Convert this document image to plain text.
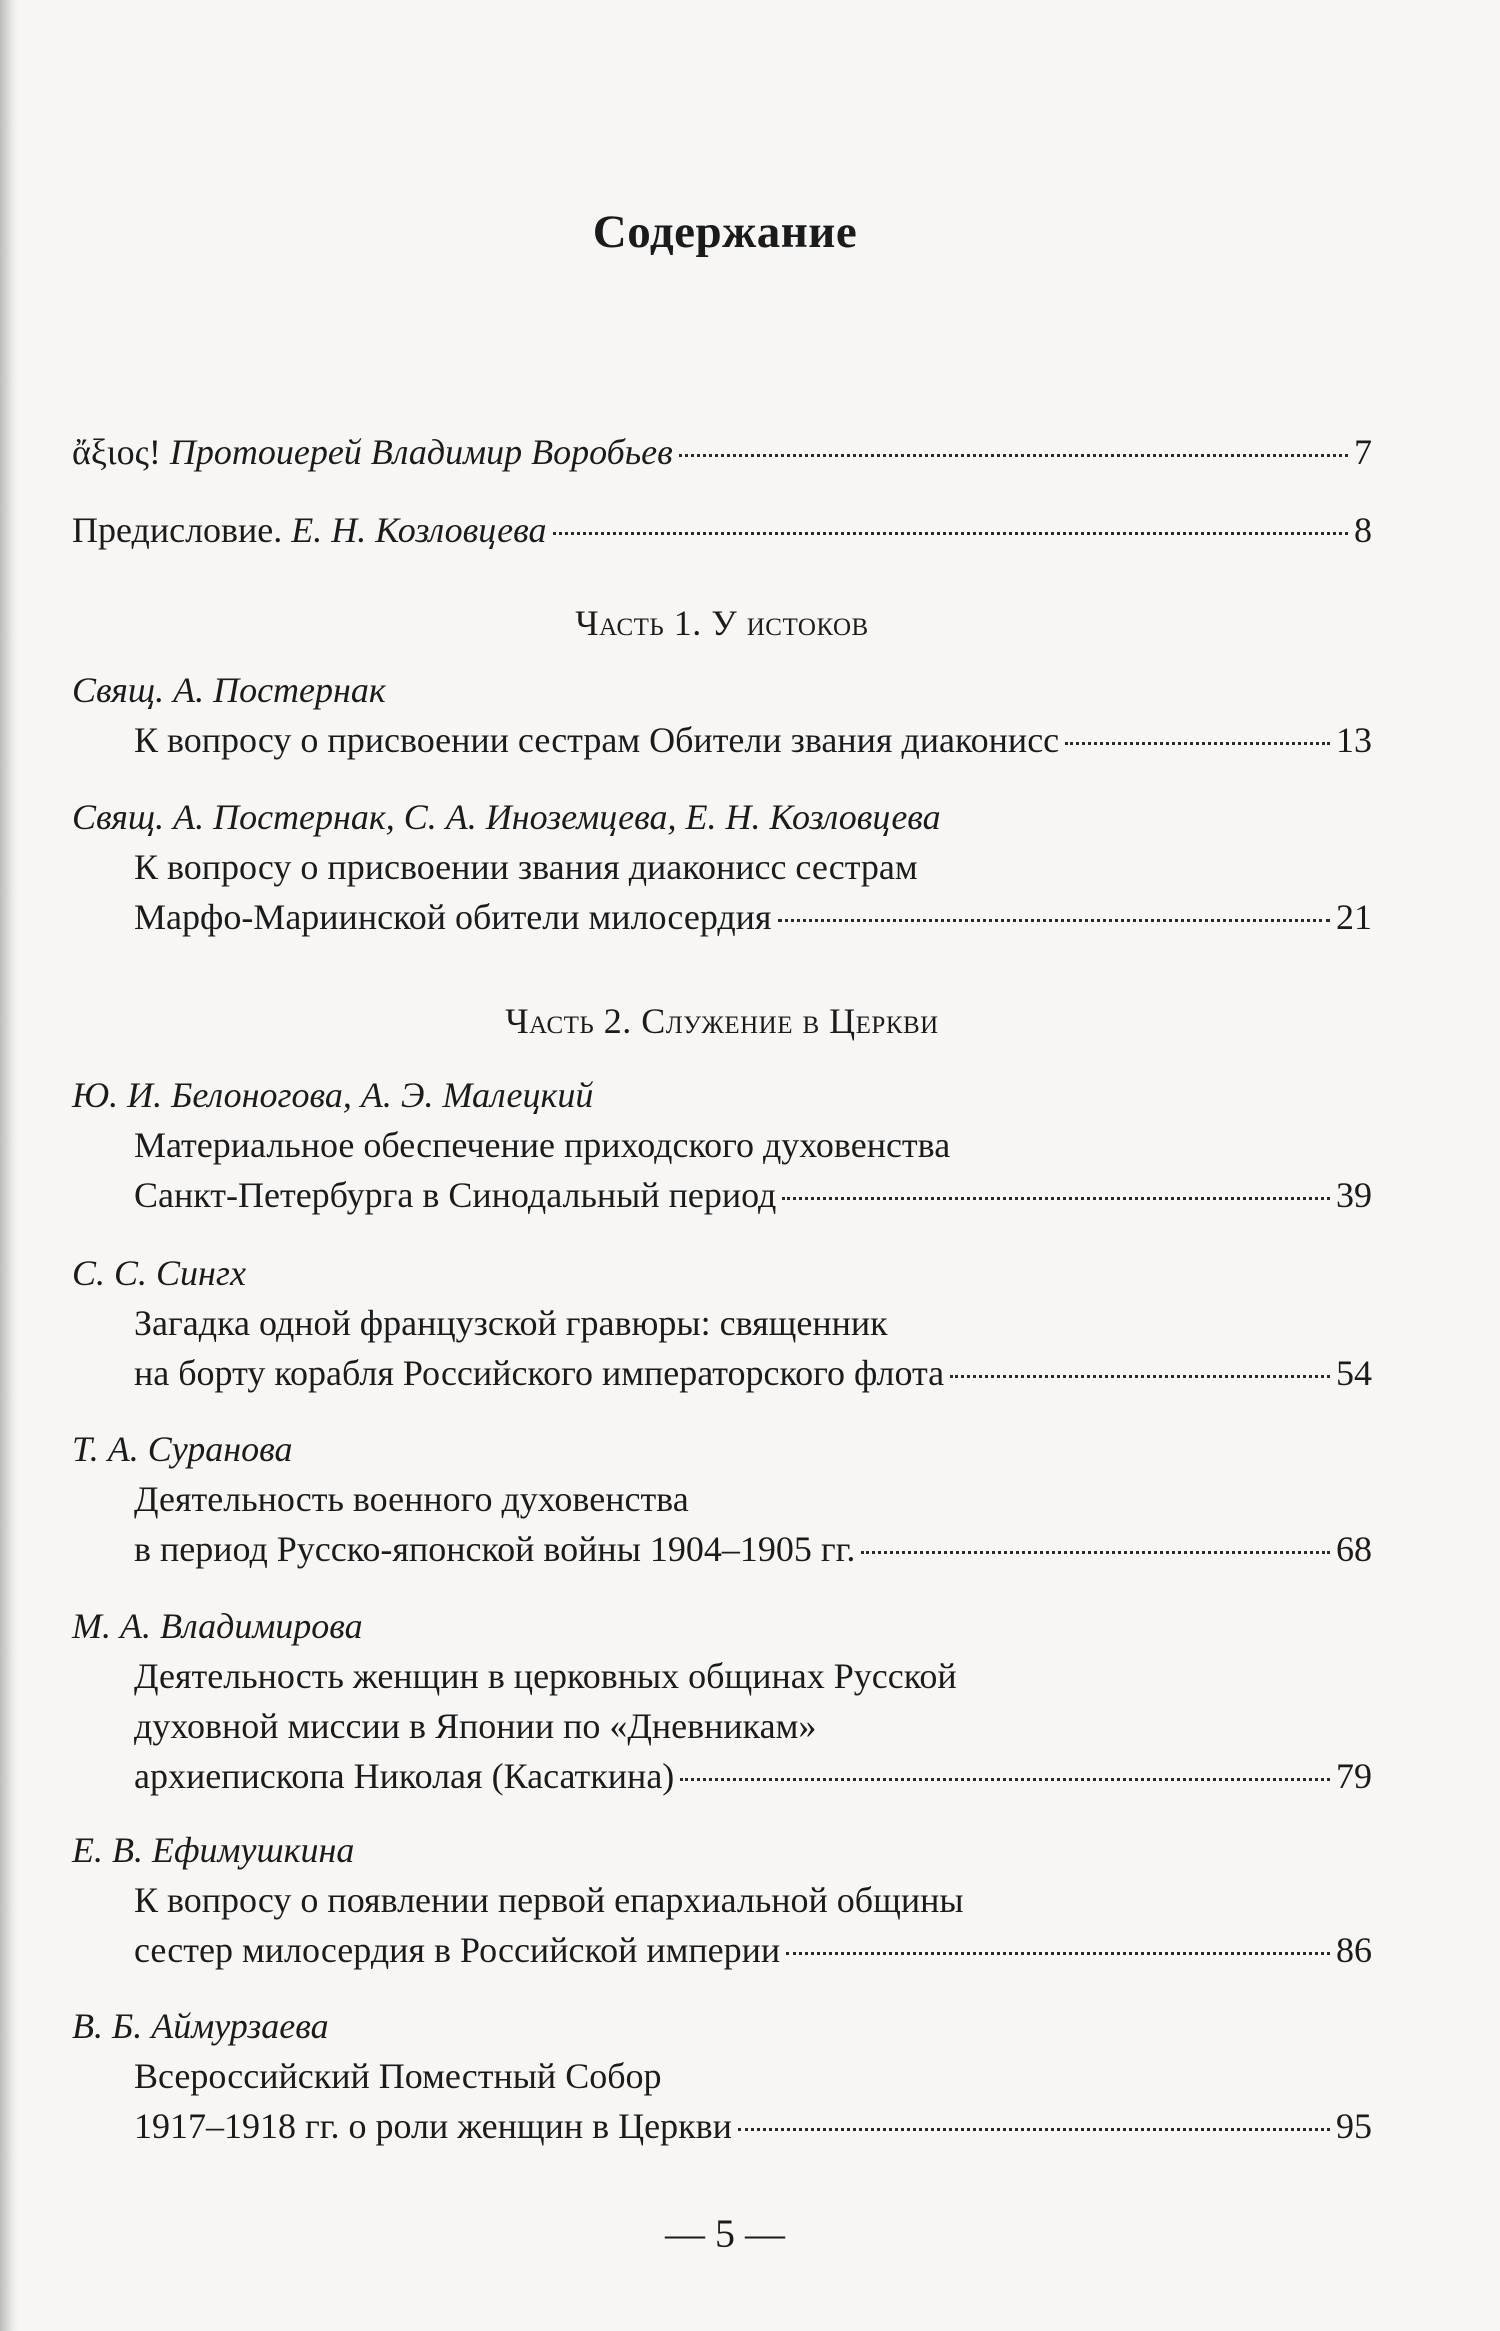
Содержание
ἄξιος! Протоиерей Владимир Воробьев	7
Предисловие. Е. Н. Козловцева	8
Часть 1. У истоков
Свящ. А. Постернак
К вопросу о присвоении сестрам Обители звания диаконисс	13
Свящ. А. Постернак, С. А. Иноземцева, Е. Н. Козловцева
К вопросу о присвоении звания диаконисс сестрам
Марфо-Мариинской обители милосердия	21
Часть 2. Служение в Церкви
Ю. И. Белоногова, А. Э. Малецкий
Материальное обеспечение приходского духовенства
Санкт-Петербурга в Синодальный период	39
С. С. Сингх
Загадка одной французской гравюры: священник
на борту корабля Российского императорского флота	54
Т. А. Суранова
Деятельность военного духовенства
в период Русско-японской войны 1904–1905 гг.	68
М. А. Владимирова
Деятельность женщин в церковных общинах Русской
духовной миссии в Японии по «Дневникам»
архиепископа Николая (Касаткина)	79
Е. В. Ефимушкина
К вопросу о появлении первой епархиальной общины
сестер милосердия в Российской империи	86
В. Б. Аймурзаева
Всероссийский Поместный Собор
1917–1918 гг. о роли женщин в Церкви	95
— 5 —
